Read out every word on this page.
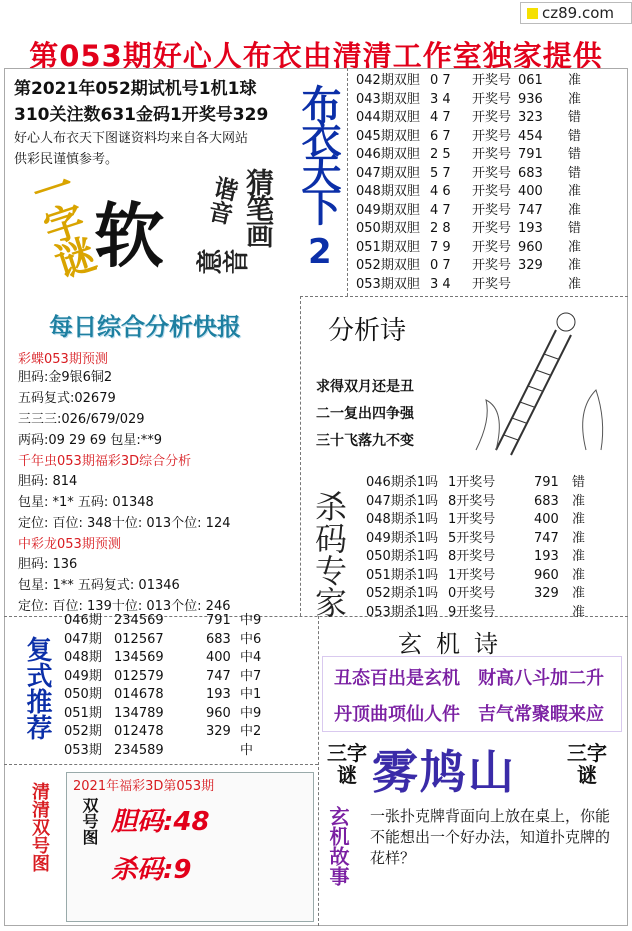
cz89.com
第053期好心人布衣由清清工作室独家提供
第2021年052期试机号1机1球
310关注数631金码1开奖号329
好心人布衣天下图谜资料均来自各大网站
供彩民谨慎参考。
一字谜
软	猜笔画
谐音
意音
布衣天下
2
042期双胆 0 7 开奖号 061 准
043期双胆 3 4 开奖号 936 准
044期双胆 4 7 开奖号 323 错
045期双胆 6 7 开奖号 454 错
046期双胆 2 5 开奖号 791 错
047期双胆 5 7 开奖号 683 错
048期双胆 4 6 开奖号 400 准
049期双胆 4 7 开奖号 747 准
050期双胆 2 8 开奖号 193 错
051期双胆 7 9 开奖号 960 准
052期双胆 0 7 开奖号 329 准
053期双胆 3 4 开奖号	准
每日综合分析快报
彩蝶053期预测
胆码:金9银6铜2
五码复式:02679
三三三:026/679/029
两码:09 29 69 包星:**9
千年虫053期福彩3D综合分析
胆码: 814
包星: *1* 五码: 01348
定位: 百位: 348十位: 013个位: 124
中彩龙053期预测
胆码: 136
包星: 1** 五码复式: 01346
定位: 百位: 139十位: 013个位: 246
分析诗
求得双月还是丑
二一复出四争强
三十飞落九不变
杀码专家
046期杀1吗 1开奖号	791 错
047期杀1吗 8开奖号	683 准
048期杀1吗 1开奖号	400 准
049期杀1吗 5开奖号	747 准
050期杀1吗 8开奖号	193 准
051期杀1吗 1开奖号	960 准
052期杀1吗 0开奖号	329 准
053期杀1吗 9开奖号	准
复式推荐
046期 234569	791 中9
047期 012567	683 中6
048期 134569	400 中4
049期 012579	747 中7
050期 014678	193 中1
051期 134789	960 中9
052期 012478	329 中2
053期 234589	中
玄机诗
丑态百出是玄机 财高八斗加二升
丹顶曲项仙人件 吉气常聚暇来应
三字谜 雾鸠山	三字谜
玄机故事 一张扑克牌背面向上放在桌上，你能不能想出一个好办法，知道扑克牌的花样？
清清双号图 2021年福彩3D第053期
双号图 胆码:48
杀码:9
